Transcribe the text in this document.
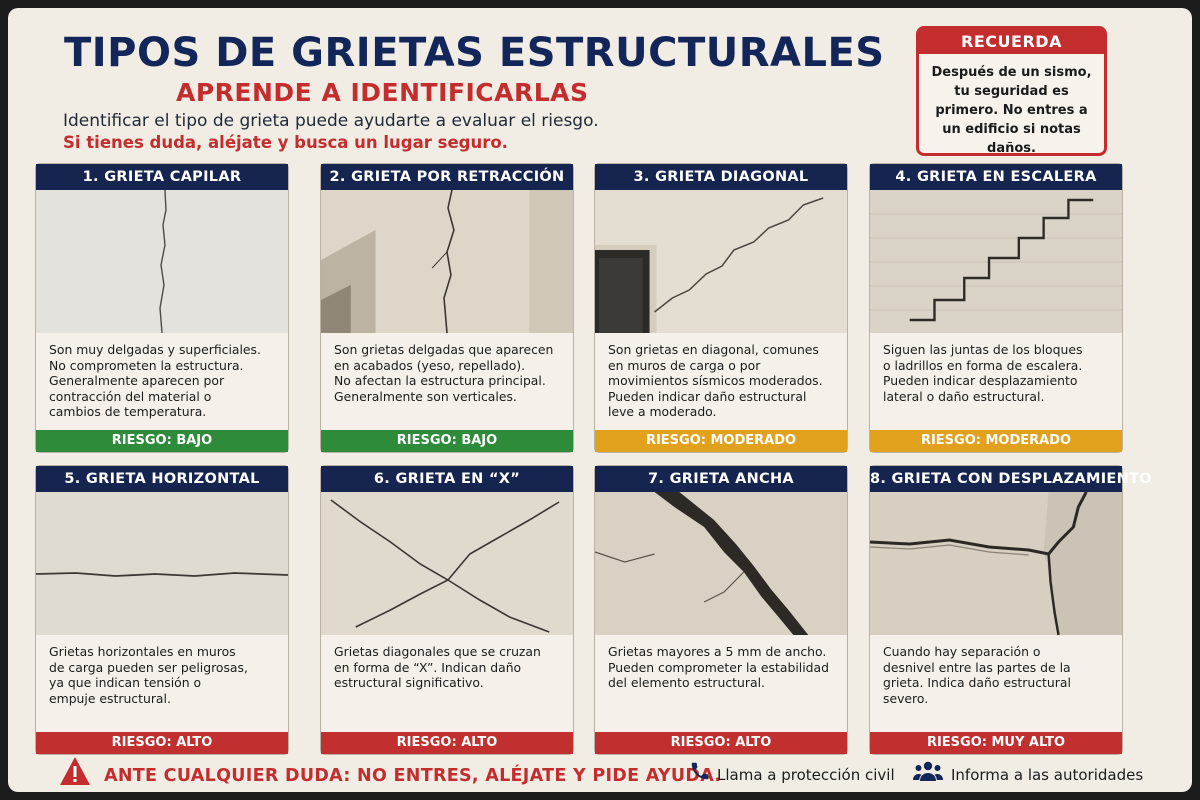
TIPOS DE GRIETAS ESTRUCTURALES
APRENDE A IDENTIFICARLAS
Identificar el tipo de grieta puede ayudarte a evaluar el riesgo.
Si tienes duda, aléjate y busca un lugar seguro.
RECUERDA
Después de un sismo, tu seguridad es primero. No entres a un edificio si notas daños.
1. GRIETA CAPILAR
Son muy delgadas y superficiales.
No comprometen la estructura.
Generalmente aparecen por
contracción del material o
cambios de temperatura.
RIESGO: BAJO
2. GRIETA POR RETRACCIÓN
Son grietas delgadas que aparecen
en acabados (yeso, repellado).
No afectan la estructura principal.
Generalmente son verticales.
RIESGO: BAJO
3. GRIETA DIAGONAL
Son grietas en diagonal, comunes
en muros de carga o por
movimientos sísmicos moderados.
Pueden indicar daño estructural
leve a moderado.
RIESGO: MODERADO
4. GRIETA EN ESCALERA
Siguen las juntas de los bloques
o ladrillos en forma de escalera.
Pueden indicar desplazamiento
lateral o daño estructural.
RIESGO: MODERADO
5. GRIETA HORIZONTAL
Grietas horizontales en muros
de carga pueden ser peligrosas,
ya que indican tensión o
empuje estructural.
RIESGO: ALTO
6. GRIETA EN “X”
Grietas diagonales que se cruzan
en forma de “X”. Indican daño
estructural significativo.
RIESGO: ALTO
7. GRIETA ANCHA
Grietas mayores a 5 mm de ancho.
Pueden comprometer la estabilidad
del elemento estructural.
RIESGO: ALTO
8. GRIETA CON DESPLAZAMIENTO
Cuando hay separación o
desnivel entre las partes de la
grieta. Indica daño estructural
severo.
RIESGO: MUY ALTO
ANTE CUALQUIER DUDA: NO ENTRES, ALÉJATE Y PIDE AYUDA.
Llama a protección civil	Informa a las autoridades
